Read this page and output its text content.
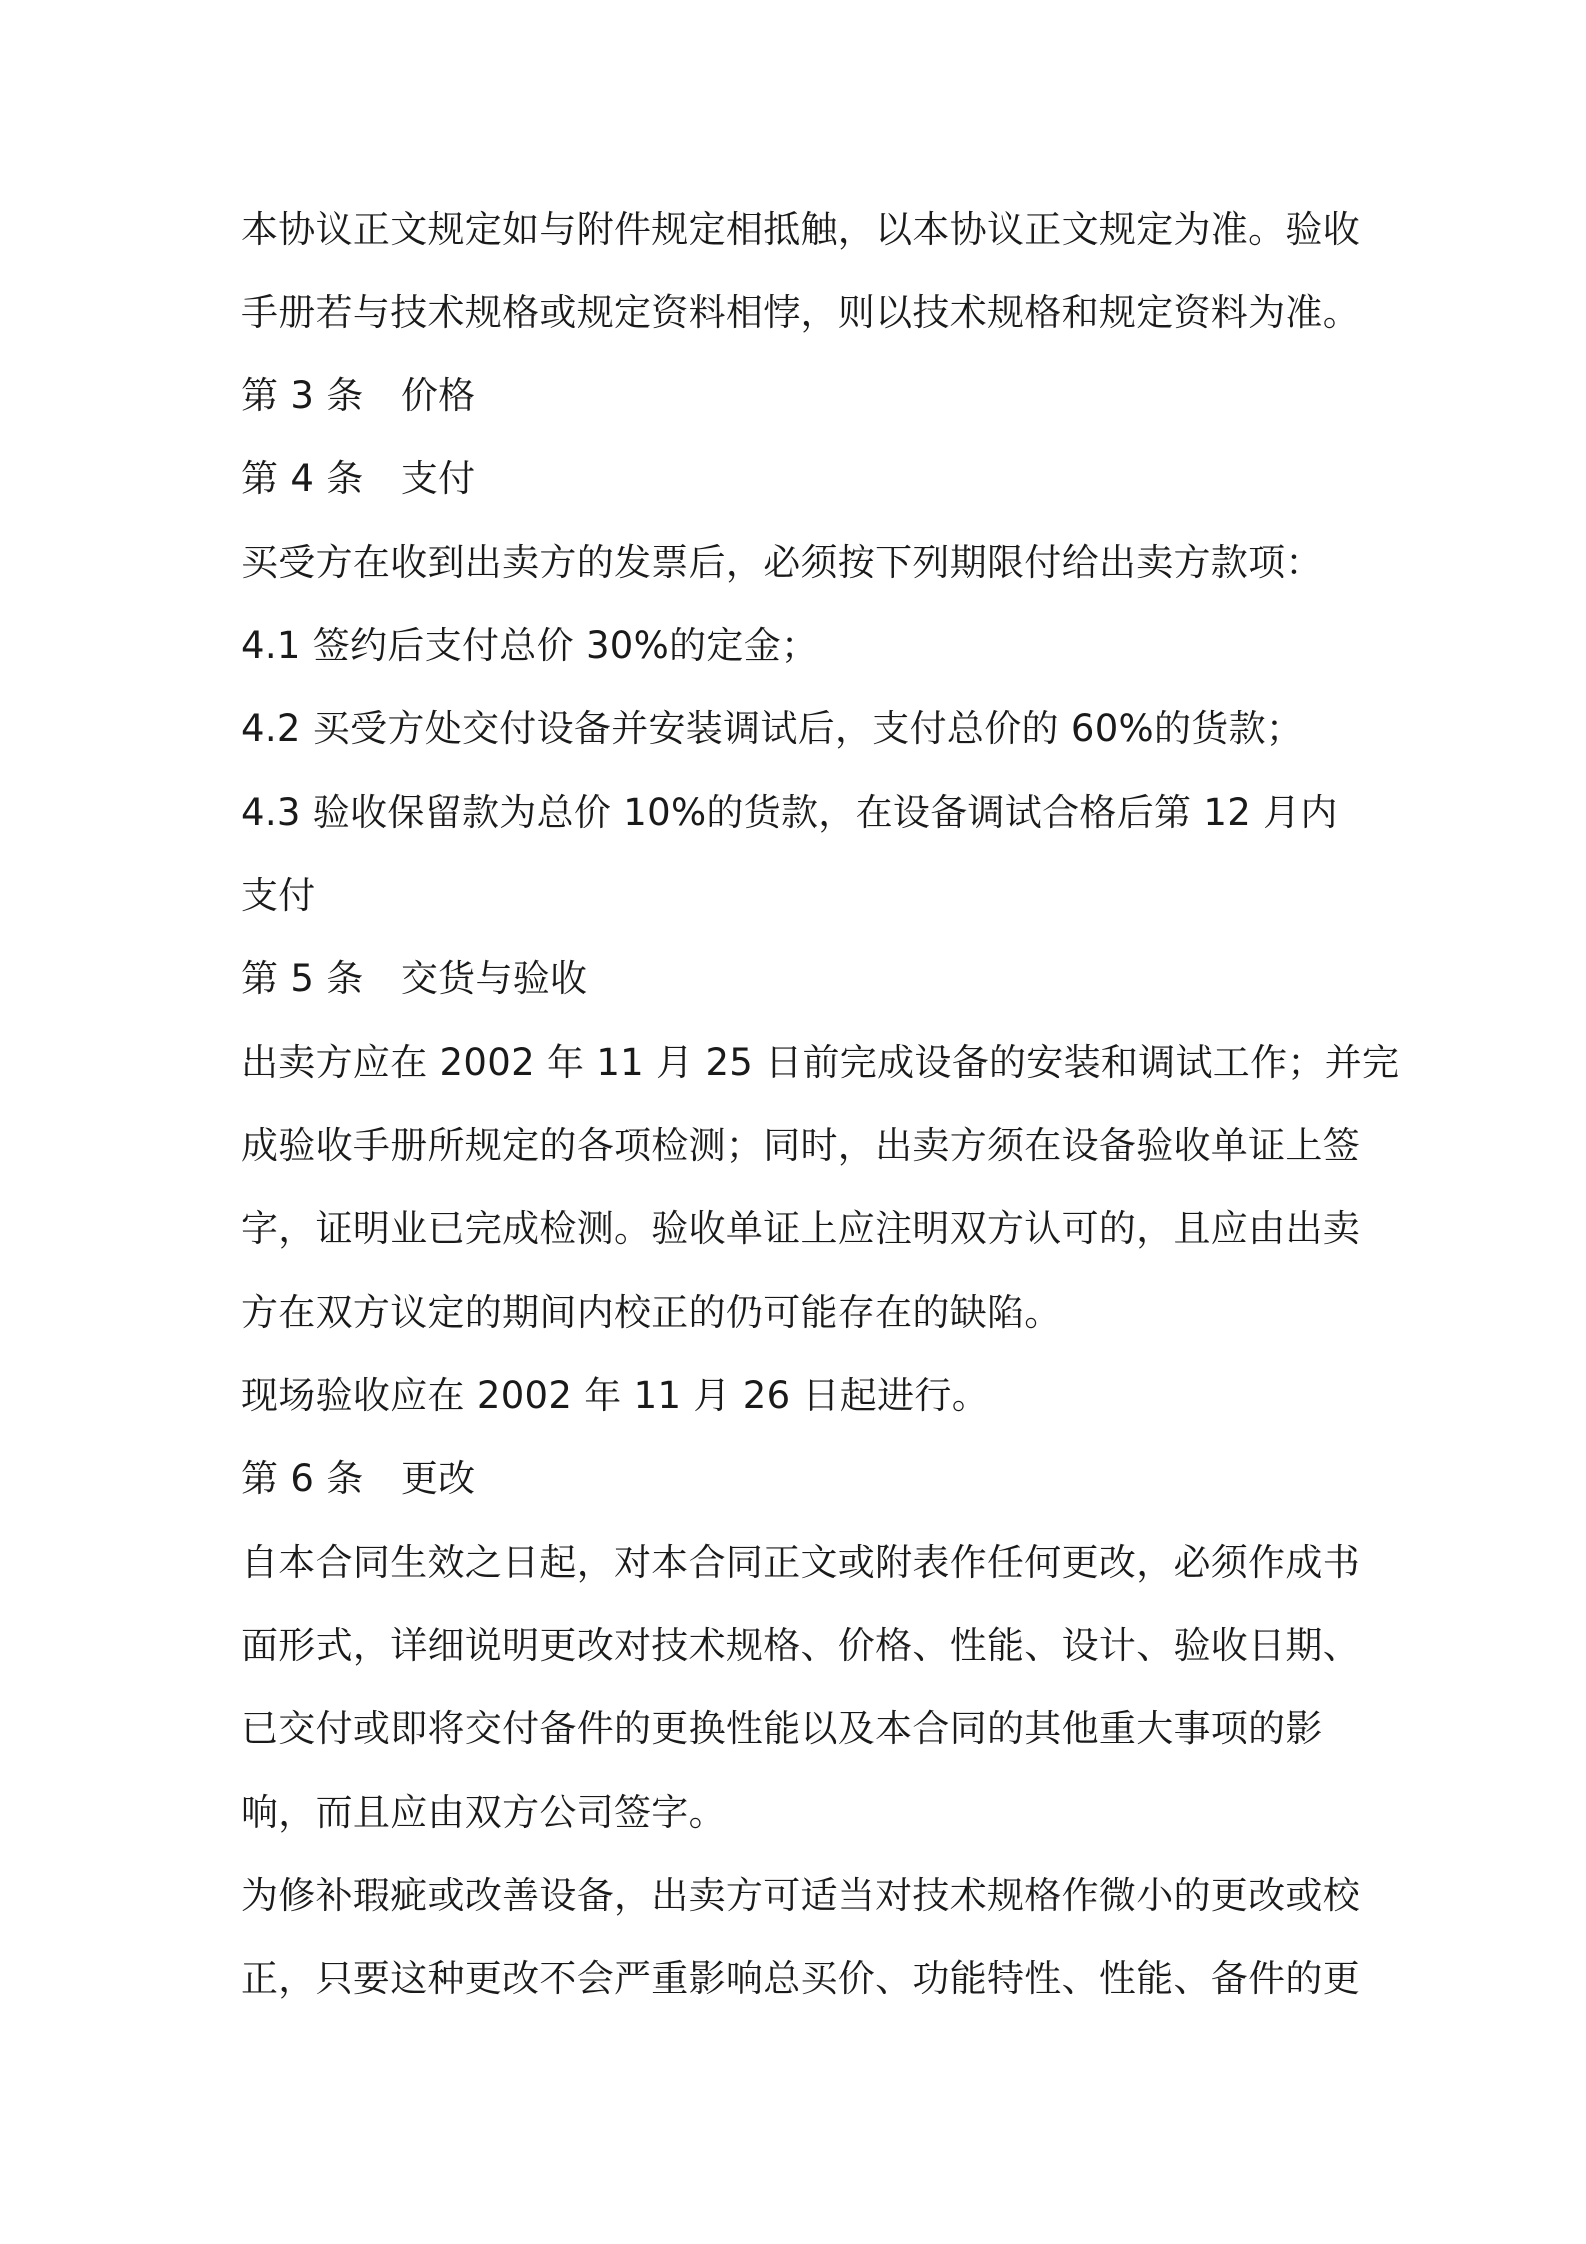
本协议正文规定如与附件规定相抵触，以本协议正文规定为准。验收
手册若与技术规格或规定资料相悖，则以技术规格和规定资料为准。
第 3 条　价格
第 4 条　支付
买受方在收到出卖方的发票后，必须按下列期限付给出卖方款项：
4.1 签约后支付总价 30%的定金；
4.2 买受方处交付设备并安装调试后，支付总价的 60%的货款；
4.3 验收保留款为总价 10%的货款，在设备调试合格后第 12 月内
支付
第 5 条　交货与验收
出卖方应在 2002 年 11 月 25 日前完成设备的安装和调试工作；并完
成验收手册所规定的各项检测；同时，出卖方须在设备验收单证上签
字，证明业已完成检测。验收单证上应注明双方认可的，且应由出卖
方在双方议定的期间内校正的仍可能存在的缺陷。
现场验收应在 2002 年 11 月 26 日起进行。
第 6 条　更改
自本合同生效之日起，对本合同正文或附表作任何更改，必须作成书
面形式，详细说明更改对技术规格、价格、性能、设计、验收日期、
已交付或即将交付备件的更换性能以及本合同的其他重大事项的影
响，而且应由双方公司签字。
为修补瑕疵或改善设备，出卖方可适当对技术规格作微小的更改或校
正，只要这种更改不会严重影响总买价、功能特性、性能、备件的更
